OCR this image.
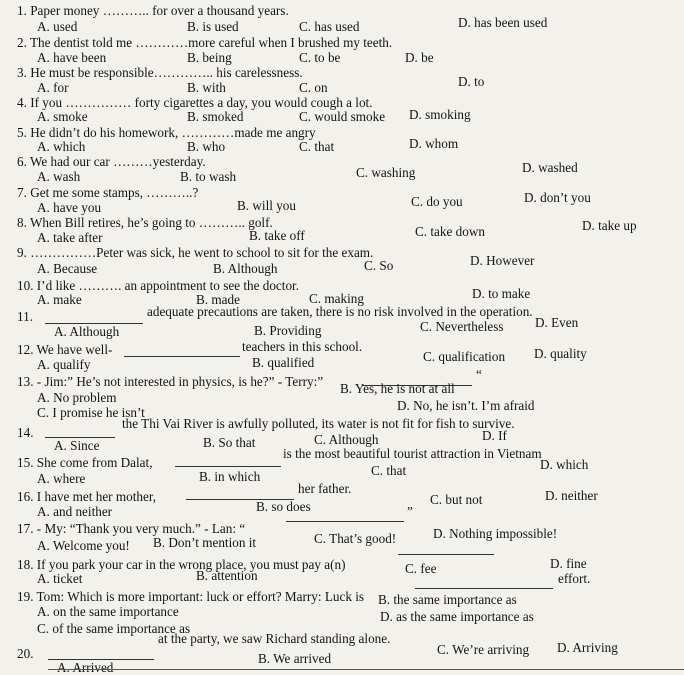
1. Paper money ……….. for over a thousand years.
A. used	B. is used	C. has used	D. has been used
2. The dentist told me …………more careful when I brushed my teeth.
A. have been	B. being	C. to be	D. be
3. He must be responsible………….. his carelessness.
A. for	B. with	C. on	D. to
4. If you …………… forty cigarettes a day, you would cough a lot.
A. smoke	B. smoked	C. would smoke D. smoking
5. He didn’t do his homework, …………made me angry
A. which	B. who	C. that	D. whom
6. We had our car ………yesterday.
A. wash	B. to wash	C. washing	D. washed
7. Get me some stamps, ………..?
A. have you	B. will you	C. do you	D. don’t you
8. When Bill retires, he’s going to ……….. golf.
A. take after	B. take off	C. take down	D. take up
9. ……………Peter was sick, he went to school to sit for the exam.
A. Because	B. Although	C. So	D. However
10. I’d like ………. an appointment to see the doctor.
A. make	B. made	C. making	D. to make
11.	adequate precautions are taken, there is no risk involved in the operation.
A. Although	B. Providing	C. Nevertheless D. Even
12. We have well-	teachers in this school.
A. qualify	B. qualified	C. qualification D. quality
13. - Jim:” He’s not interested in physics, is he?” - Terry:”	“
A. No problem
B. Yes, he is not at all
C. I promise he isn’t	D. No, he isn’t. I’m afraid
14.
the Thi Vai River is awfully polluted, its water is not fit for fish to survive.
A. Since	B. So that	C. Although	D. If
15. She come from Dalat,
is the most beautiful tourist attraction in Vietnam
A. where	B. in which	C. that	D. which
16. I have met her mother,
her father.
A. and neither	B. so does	C. but not	D. neither
17. - My: “Thank you very much.” - Lan: “
”
A. Welcome you! B. Don’t mention it	C. That’s good!	D. Nothing impossible!
18. If you park your car in the wrong place, you must pay a(n)
A. ticket	B. attention	C. fee	D. fine
19. Tom: Which is more important: luck or effort? Marry: Luck is
effort.
A. on the same importance
B. the same importance as
C. of the same importance as
D. as the same importance as
20.
at the party, we saw Richard standing alone.
A. Arrived
B. We arrived
C. We’re arriving D. Arriving
